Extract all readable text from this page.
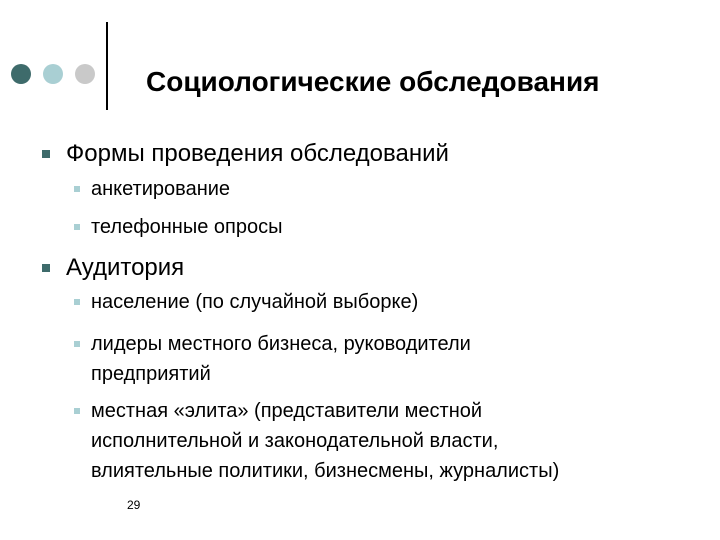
Социологические обследования
Формы проведения обследований
анкетирование
телефонные опросы
Аудитория
население (по случайной выборке)
лидеры местного бизнеса, руководители
предприятий
местная «элита» (представители местной
исполнительной и законодательной власти,
влиятельные политики, бизнесмены, журналисты)
29
